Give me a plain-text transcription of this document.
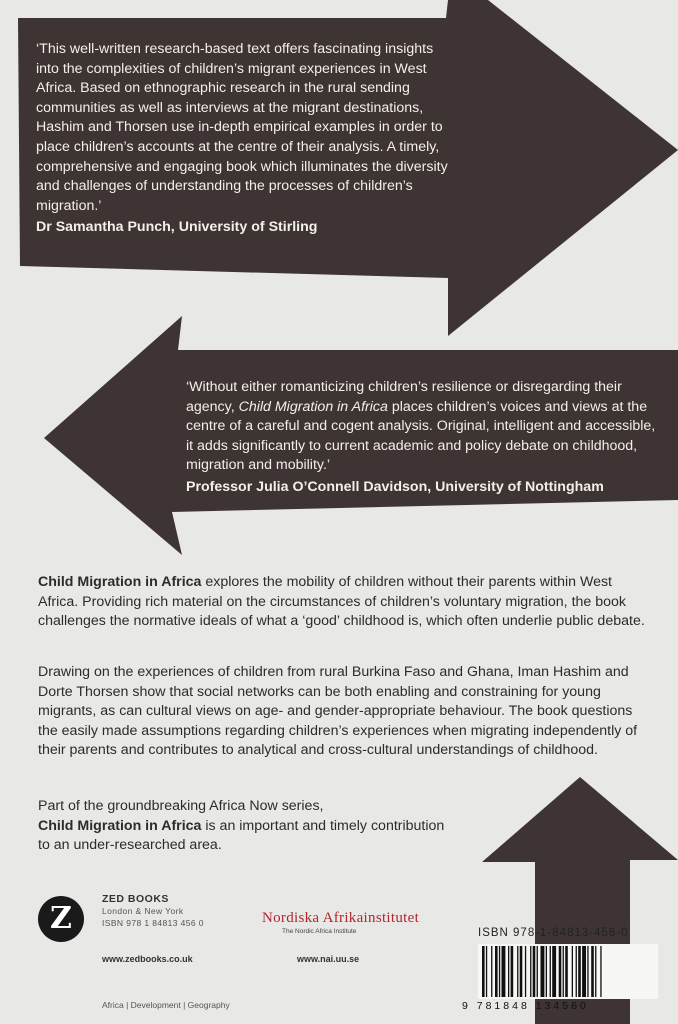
‘This well-written research-based text offers fascinating insights into the complexities of children’s migrant experiences in West Africa. Based on ethnographic research in the rural sending communities as well as interviews at the migrant destinations, Hashim and Thorsen use in-depth empirical examples in order to place children’s accounts at the centre of their analysis. A timely, comprehensive and engaging book which illuminates the diversity and challenges of understanding the processes of children’s migration.’
Dr Samantha Punch, University of Stirling
‘Without either romanticizing children’s resilience or disregarding their agency, Child Migration in Africa places children’s voices and views at the centre of a careful and cogent analysis. Original, intelligent and accessible, it adds significantly to current academic and policy debate on childhood, migration and mobility.’
Professor Julia O’Connell Davidson, University of Nottingham

Child Migration in Africa explores the mobility of children without their parents within West Africa. Providing rich material on the circumstances of children’s voluntary migration, the book challenges the normative ideals of what a ‘good’ childhood is, which often underlie public debate.

Drawing on the experiences of children from rural Burkina Faso and Ghana, Iman Hashim and Dorte Thorsen show that social networks can be both enabling and constraining for young migrants, as can cultural views on age- and gender-appropriate behaviour. The book questions the easily made assumptions regarding children’s experiences when migrating independently of their parents and contributes to analytical and cross-cultural understandings of childhood.

Part of the groundbreaking Africa Now series,
Child Migration in Africa is an important and timely contribution to an under-researched area.

Z
ZED BOOKS
London & New York
ISBN 978 1 84813 456 0
www.zedbooks.co.uk
Nordiska Afrikainstitutet
The Nordic Africa Institute
www.nai.uu.se
ISBN 978-1-84813-456-0
9 781848 134560
Africa | Development | Geography
